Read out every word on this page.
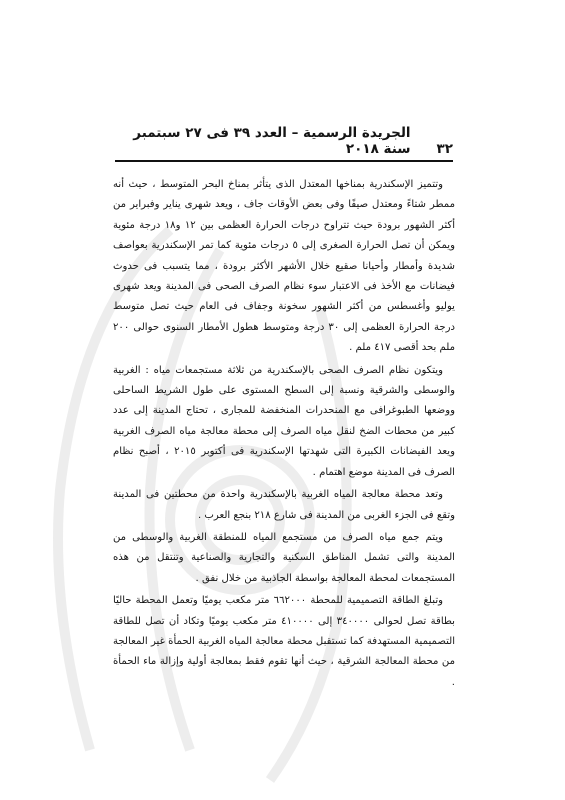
٣٢
الجريدة الرسمية – العدد ٣٩ فى ٢٧ سبتمبر سنة ٢٠١٨

وتتميز الإسكندرية بمناخها المعتدل الذى يتأثر بمناخ البحر المتوسط ، حيث أنه ممطر شتاءً ومعتدل صيفًا وفى بعض الأوقات جاف ، ويعد شهرى يناير وفبراير من أكثر الشهور برودة حيث تتراوح درجات الحرارة العظمى بين ١٢ و١٨ درجة مئوية ويمكن أن تصل الحرارة الصغرى إلى ٥ درجات مئوية كما تمر الإسكندرية بعواصف شديدة وأمطار وأحيانا صقيع خلال الأشهر الأكثر برودة ، مما يتسبب فى حدوث فيضانات مع الأخذ فى الاعتبار سوء نظام الصرف الصحى فى المدينة ويعد شهرى يوليو وأغسطس من أكثر الشهور سخونة وجفاف فى العام حيث تصل متوسط درجة الحرارة العظمى إلى ٣٠ درجة ومتوسط هطول الأمطار السنوى حوالى ٢٠٠ ملم بحد أقصى ٤١٧ ملم .

ويتكون نظام الصرف الصحى بالإسكندرية من ثلاثة مستجمعات مياه : الغربية والوسطى والشرقية ونسبة إلى السطح المستوى على طول الشريط الساحلى ووضعها الطبوغرافى مع المنحدرات المنخفضة للمجارى ، تحتاج المدينة إلى عدد كبير من محطات الضخ لنقل مياه الصرف إلى محطة معالجة مياه الصرف الغربية ويعد الفيضانات الكبيرة التى شهدتها الإسكندرية فى أكتوبر ٢٠١٥ ، أصبح نظام الصرف فى المدينة موضع اهتمام .

وتعد محطة معالجة المياه الغربية بالإسكندرية واحدة من محطتين فى المدينة وتقع فى الجزء الغربى من المدينة فى شارع ٢١٨ بنجع العرب .

ويتم جمع مياه الصرف من مستجمع المياه للمنطقة الغربية والوسطى من المدينة والتى تشمل المناطق السكنية والتجارية والصناعية وتنتقل من هذه المستجمعات لمحطة المعالجة بواسطة الجاذبية من خلال نفق .

وتبلغ الطاقة التصميمية للمحطة ٦٦٢٠٠٠ متر مكعب يوميًا وتعمل المحطة حاليًا بطاقة تصل لحوالى ٣٤٠٠٠٠ إلى ٤١٠٠٠٠ متر مكعب يوميًا وتكاد أن تصل للطاقة التصميمية المستهدفة كما تستقبل محطة معالجة المياه الغربية الحمأة غير المعالجة من محطة المعالجة الشرقية ، حيث أنها تقوم فقط بمعالجة أولية وإزالة ماء الحمأة .
